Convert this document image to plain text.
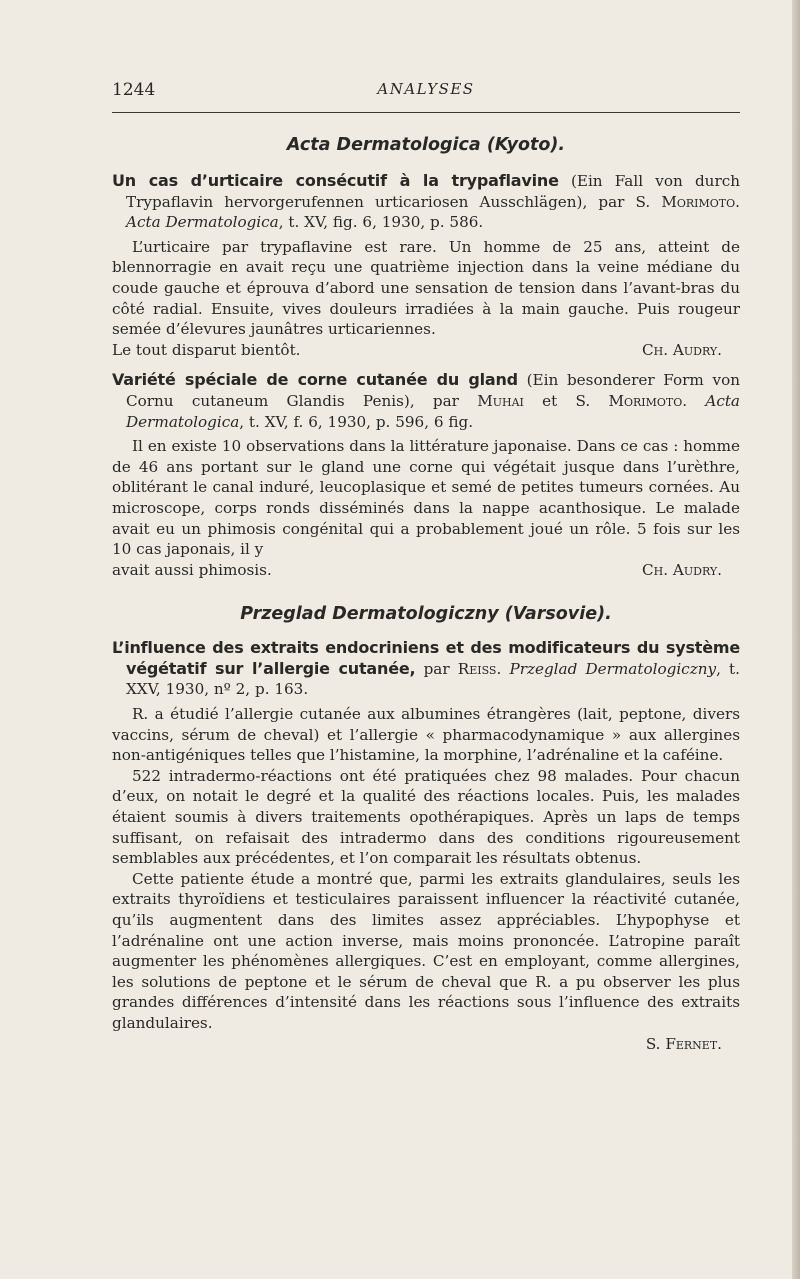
1244	ANALYSES
Acta Dermatologica (Kyoto).

Un cas d’urticaire consécutif à la trypaflavine (Ein Fall von durch Trypaflavin hervorgerufennen urticariosen Ausschlägen), par S. Morimoto. Acta Dermatologica, t. XV, fig. 6, 1930, p. 586.

L’urticaire par trypaflavine est rare. Un homme de 25 ans, atteint de blennorragie en avait reçu une quatrième injection dans la veine médiane du coude gauche et éprouva d’abord une sensation de tension dans l’avant-bras du côté radial. Ensuite, vives douleurs irradiées à la main gauche. Puis rougeur semée d’élevures jaunâtres urticariennes.

Le tout disparut bientôt.	Ch. Audry.

Variété spéciale de corne cutanée du gland (Ein besonderer Form von Cornu cutaneum Glandis Penis), par Muhai et S. Morimoto. Acta Dermatologica, t. XV, f. 6, 1930, p. 596, 6 fig.

Il en existe 10 observations dans la littérature japonaise. Dans ce cas : homme de 46 ans portant sur le gland une corne qui végétait jusque dans l’urèthre, oblitérant le canal induré, leucoplasique et semé de petites tumeurs cornées. Au microscope, corps ronds disséminés dans la nappe acanthosique. Le malade avait eu un phimosis congénital qui a probablement joué un rôle. 5 fois sur les 10 cas japonais, il y

avait aussi phimosis.	Ch. Audry.

Przeglad Dermatologiczny (Varsovie).

L’influence des extraits endocriniens et des modificateurs du système végétatif sur l’allergie cutanée, par Reiss. Przeglad Dermatologiczny, t. XXV, 1930, nº 2, p. 163.

R. a étudié l’allergie cutanée aux albumines étrangères (lait, peptone, divers vaccins, sérum de cheval) et l’allergie « pharmacodynamique » aux allergines non-antigéniques telles que l’histamine, la morphine, l’adrénaline et la caféine.

522 intradermo-réactions ont été pratiquées chez 98 malades. Pour chacun d’eux, on notait le degré et la qualité des réactions locales. Puis, les malades étaient soumis à divers traitements opothérapiques. Après un laps de temps suffisant, on refaisait des intradermo dans des conditions rigoureusement semblables aux précédentes, et l’on comparait les résultats obtenus.

Cette patiente étude a montré que, parmi les extraits glandulaires, seuls les extraits thyroïdiens et testiculaires paraissent influencer la réactivité cutanée, qu’ils augmentent dans des limites assez appréciables. L’hypophyse et l’adrénaline ont une action inverse, mais moins prononcée. L’atropine paraît augmenter les phénomènes allergiques. C’est en employant, comme allergines, les solutions de peptone et le sérum de cheval que R. a pu observer les plus grandes différences d’intensité dans les réactions sous l’influence des extraits glandulaires.

S. Fernet.
